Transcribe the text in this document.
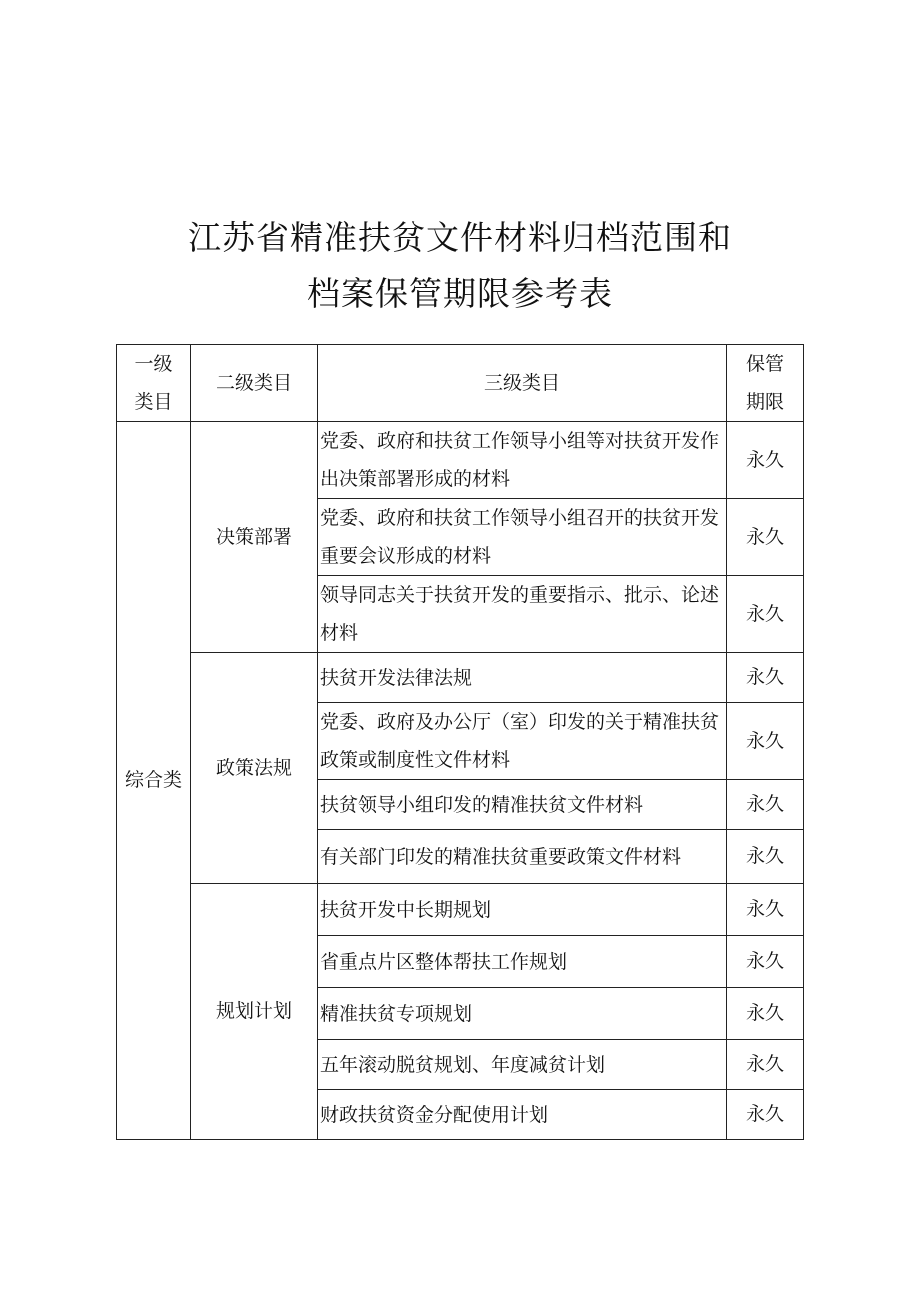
江苏省精准扶贫文件材料归档范围和
档案保管期限参考表
一级类目	二级类目	三级类目	保管期限
综合类	决策部署	党委、政府和扶贫工作领导小组等对扶贫开发作出决策部署形成的材料	永久
		党委、政府和扶贫工作领导小组召开的扶贫开发重要会议形成的材料	永久
		领导同志关于扶贫开发的重要指示、批示、论述材料	永久
	政策法规	扶贫开发法律法规	永久
		党委、政府及办公厅（室）印发的关于精准扶贫政策或制度性文件材料	永久
		扶贫领导小组印发的精准扶贫文件材料	永久
		有关部门印发的精准扶贫重要政策文件材料	永久
	规划计划	扶贫开发中长期规划	永久
		省重点片区整体帮扶工作规划	永久
		精准扶贫专项规划	永久
		五年滚动脱贫规划、年度减贫计划	永久
		财政扶贫资金分配使用计划	永久
